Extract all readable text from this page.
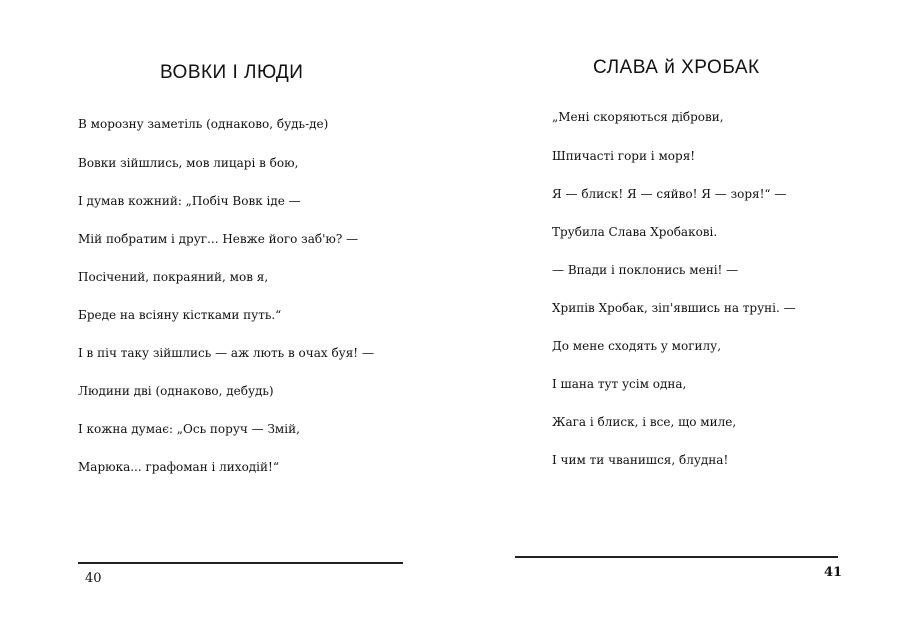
ВОВКИ І ЛЮДИ

В морозну заметіль (однаково, будь-де)

Вовки зійшлись, мов лицарі в бою,

І думав кожний: „Побіч Вовк іде —

Мій побратим і друг... Невже його заб'ю? —

Посічений, покраяний, мов я,

Бреде на всіяну кістками путь.“

І в піч таку зійшлись — аж лють в очах буя! —

Людини дві (однаково, дебудь)

І кожна думає: „Ось поруч — Змій,

Марюка... графоман і лиходій!“

40
СЛАВА й ХРОБАК

„Мені скоряються діброви,

Шпичасті гори і моря!

Я — блиск! Я — сяйво! Я — зоря!“ —

Трубила Слава Хробакові.

— Впади і поклонись мені! —

Хрипів Хробак, зіп'явшись на труні. —

До мене сходять у могилу,

І шана тут усім одна,

Жага і блиск, і все, що миле,

І чим ти чванишся, блудна!

41
